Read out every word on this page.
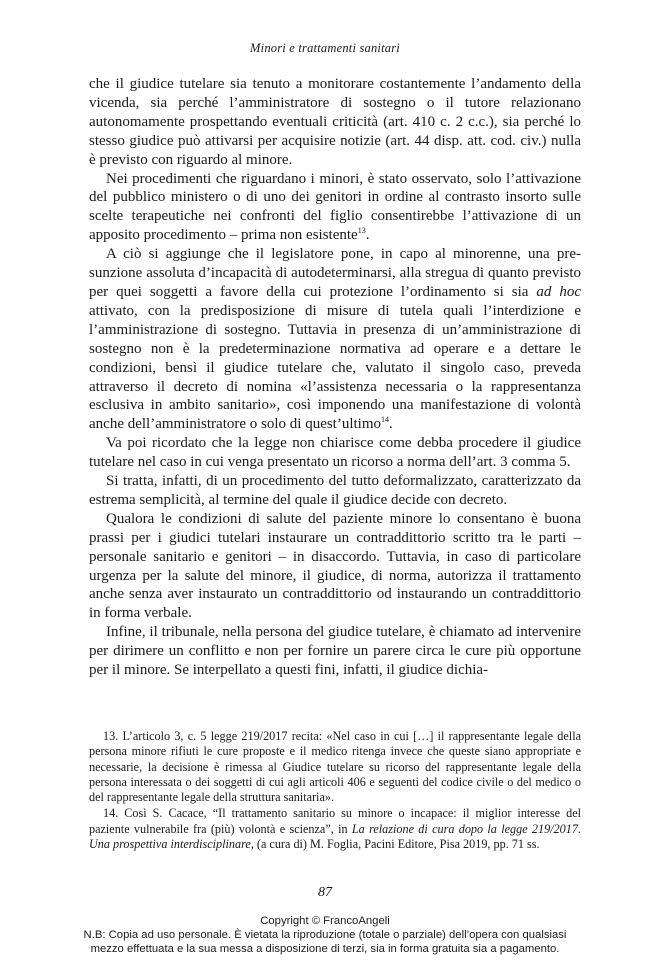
Minori e trattamenti sanitari

che il giudice tutelare sia tenuto a monitorare costantemente l’andamento della vicenda, sia perché l’amministratore di sostegno o il tutore relazionano autonomamente prospettando eventuali criticità (art. 410 c. 2 c.c.), sia perché lo stesso giudice può attivarsi per acquisire notizie (art. 44 disp. att. cod. civ.) nulla è previsto con riguardo al minore.

Nei procedimenti che riguardano i minori, è stato osservato, solo l’attivazione del pubblico ministero o di uno dei genitori in ordine al contrasto insorto sulle scelte terapeutiche nei confronti del figlio consentirebbe l’attivazione di un apposito procedimento – prima non esistente$^{13}$.

A ciò si aggiunge che il legislatore pone, in capo al minorenne, una presunzione assoluta d’incapacità di autodeterminarsi, alla stregua di quanto previsto per quei soggetti a favore della cui protezione l’ordinamento si sia ad hoc attivato, con la predisposizione di misure di tutela quali l’interdizione e l’amministrazione di sostegno. Tuttavia in presenza di un’amministrazione di sostegno non è la predeterminazione normativa ad operare e a dettare le condizioni, bensì il giudice tutelare che, valutato il singolo caso, preveda attraverso il decreto di nomina «l’assistenza necessaria o la rappresentanza esclusiva in ambito sanitario», così imponendo una manifestazione di volontà anche dell’amministratore o solo di quest’ultimo$^{14}$.

Va poi ricordato che la legge non chiarisce come debba procedere il giudice tutelare nel caso in cui venga presentato un ricorso a norma dell’art. 3 comma 5.

Si tratta, infatti, di un procedimento del tutto deformalizzato, caratterizzato da estrema semplicità, al termine del quale il giudice decide con decreto.

Qualora le condizioni di salute del paziente minore lo consentano è buona prassi per i giudici tutelari instaurare un contraddittorio scritto tra le parti – personale sanitario e genitori – in disaccordo. Tuttavia, in caso di particolare urgenza per la salute del minore, il giudice, di norma, autorizza il trattamento anche senza aver instaurato un contraddittorio od instaurando un contraddittorio in forma verbale.

Infine, il tribunale, nella persona del giudice tutelare, è chiamato ad intervenire per dirimere un conflitto e non per fornire un parere circa le cure più opportune per il minore. Se interpellato a questi fini, infatti, il giudice dichia-

13. L’articolo 3, c. 5 legge 219/2017 recita: «Nel caso in cui […] il rappresentante legale della persona minore rifiuti le cure proposte e il medico ritenga invece che queste siano appropriate e necessarie, la decisione è rimessa al Giudice tutelare su ricorso del rappresentante legale della persona interessata o dei soggetti di cui agli articoli 406 e seguenti del codice civile o del medico o del rappresentante legale della struttura sanitaria».

14. Così S. Cacace, “Il trattamento sanitario su minore o incapace: il miglior interesse del paziente vulnerabile fra (più) volontà e scienza”, in La relazione di cura dopo la legge 219/2017. Una prospettiva interdisciplinare, (a cura di) M. Foglia, Pacini Editore, Pisa 2019, pp. 71 ss.

87
Copyright © FrancoAngeli
N.B: Copia ad uso personale. È vietata la riproduzione (totale o parziale) dell’opera con qualsiasi
mezzo effettuata e la sua messa a disposizione di terzi, sia in forma gratuita sia a pagamento.
